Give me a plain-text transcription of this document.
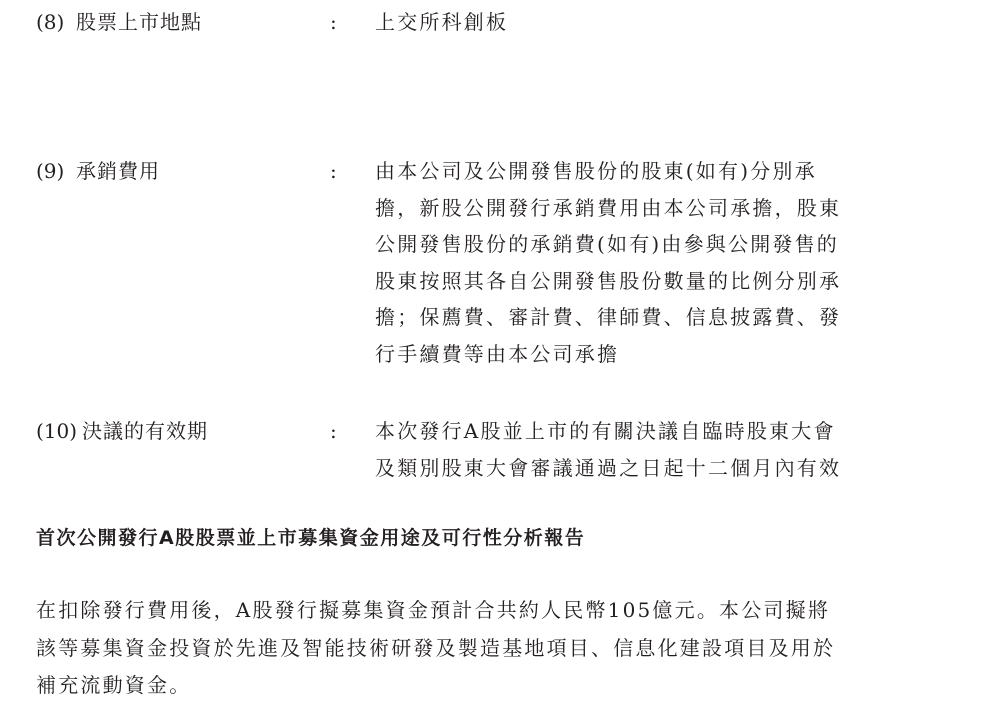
(8) 股票上市地點	: 上交所科創板
(9) 承銷費用	: 由本公司及公開發售股份的股東(如有)分別承
擔，新股公開發行承銷費用由本公司承擔，股東
公開發售股份的承銷費(如有)由參與公開發售的
股東按照其各自公開發售股份數量的比例分別承
擔；保薦費、審計費、律師費、信息披露費、發
行手續費等由本公司承擔
(10) 決議的有效期	: 本次發行A股並上市的有關決議自臨時股東大會
及類別股東大會審議通過之日起十二個月內有效
首次公開發行A股股票並上市募集資金用途及可行性分析報告
在扣除發行費用後，A股發行擬募集資金預計合共約人民幣105億元。本公司擬將
該等募集資金投資於先進及智能技術研發及製造基地項目、信息化建設項目及用於
補充流動資金。
